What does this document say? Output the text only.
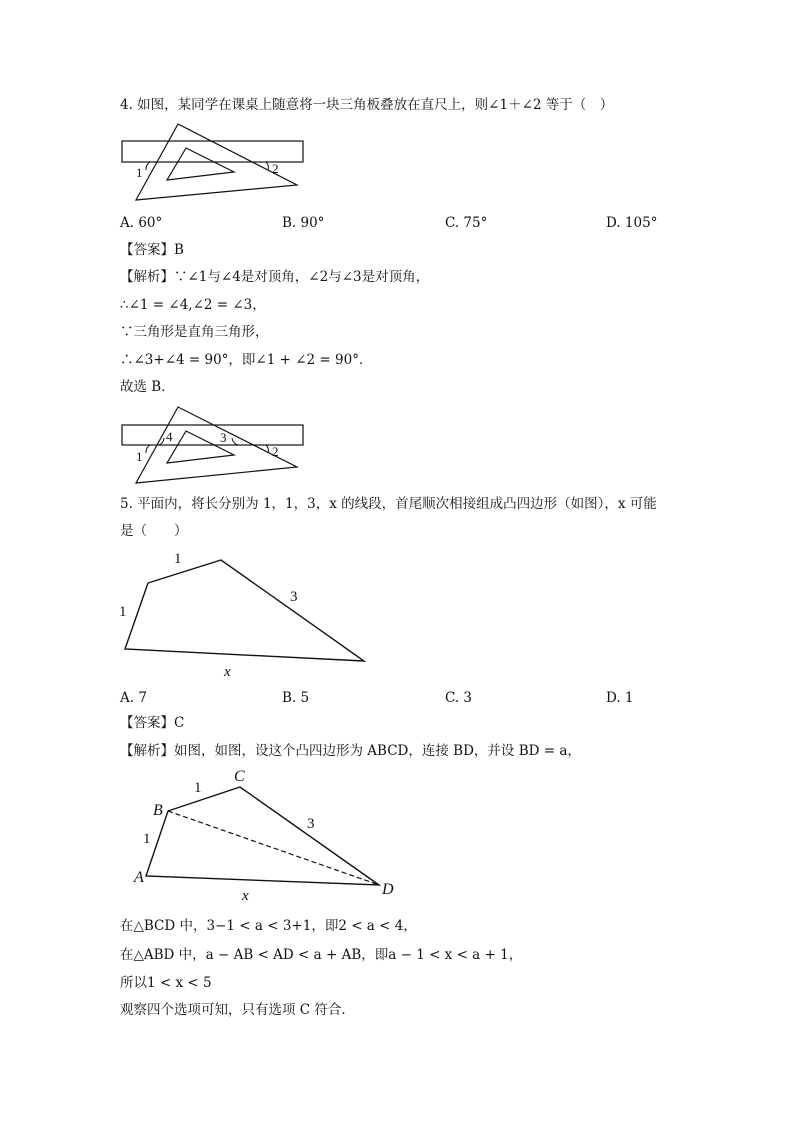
4. 如图，某同学在课桌上随意将一块三角板叠放在直尺上，则∠1＋∠2 等于（　）
1	2
A. 60°	B. 90°	C. 75°	D. 105°
【答案】B
【解析】∵∠1与∠4是对顶角，∠2与∠3是对顶角，
∴∠1 = ∠4,∠2 = ∠3，
∵三角形是直角三角形，
∴∠3+∠4 = 90°，即∠1 + ∠2 = 90°．
故选 B．
1
4	3
2
5. 平面内，将长分别为 1，1，3，x 的线段，首尾顺次相接组成凸四边形（如图），x 可能
是（　　）
1
1
3
x
A. 7	B. 5	C. 3	D. 1
【答案】C
【解析】如图，如图，设这个凸四边形为 ABCD，连接 BD，并设 BD = a，
A
B
C
D
1
1
3
x
在△BCD 中，3−1 < a < 3+1，即2 < a < 4，
在△ABD 中，a − AB < AD < a + AB，即a − 1 < x < a + 1，
所以1 < x < 5
观察四个选项可知，只有选项 C 符合．
